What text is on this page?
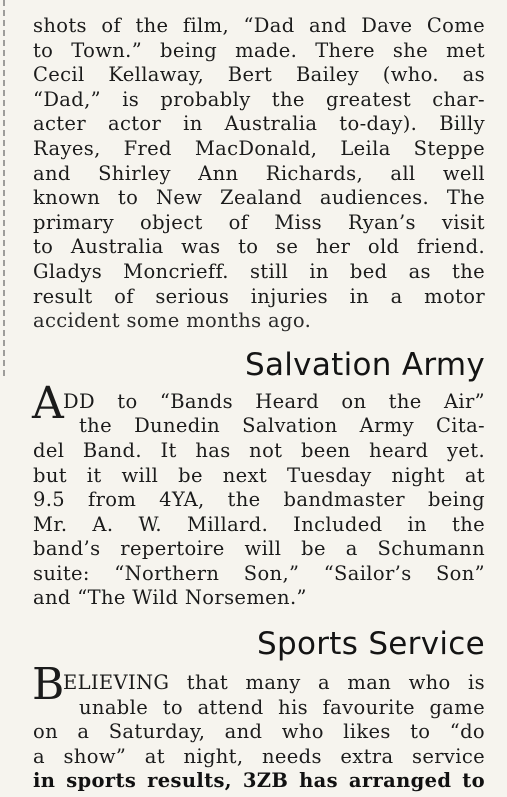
shots of the film, “Dad and Dave Come
to Town.” being made. There she met
Cecil Kellaway, Bert Bailey (who. as
“Dad,” is probably the greatest char-
acter actor in Australia to-day). Billy
Rayes, Fred MacDonald, Leila Steppe
and Shirley Ann Richards, all well
known to New Zealand audiences. The
primary object of Miss Ryan’s visit
to Australia was to se her old friend.
Gladys Moncrieff. still in bed as the
result of serious injuries in a motor
accident some months ago.
Salvation Army
A DD to “Bands Heard on the Air”
the Dunedin Salvation Army Cita-
del Band. It has not been heard yet.
but it will be next Tuesday night at
9.5 from 4YA, the bandmaster being
Mr. A. W. Millard. Included in the
band’s repertoire will be a Schumann
suite: “Northern Son,” “Sailor’s Son”
and “The Wild Norsemen.”
Sports Service
B
ELIEVING that many a man who is
unable to attend his favourite game
on a Saturday, and who likes to “do
a show” at night, needs extra service
in sports results, 3ZB has arranged to
